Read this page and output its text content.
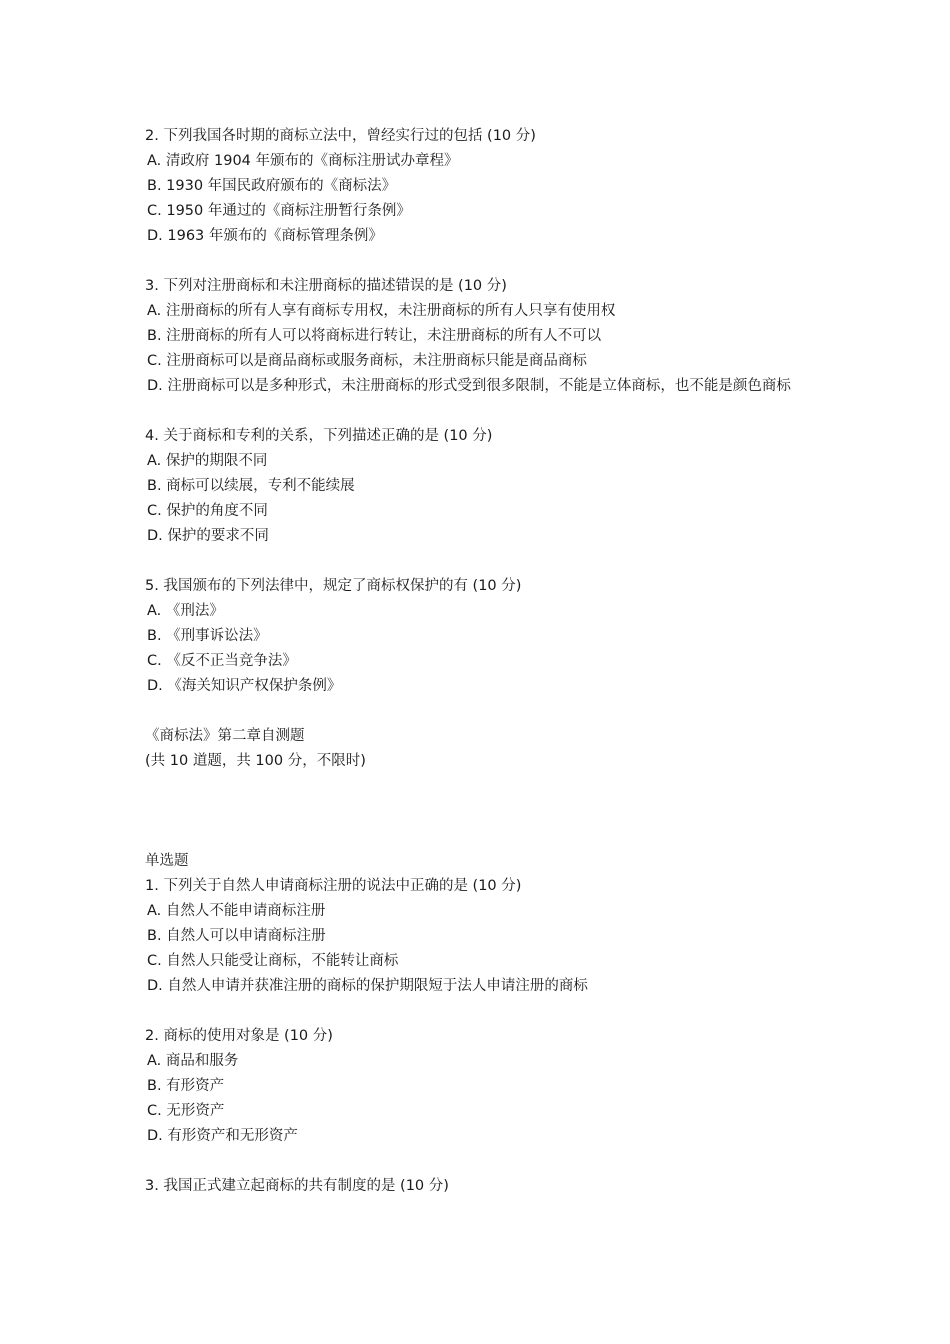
2. 下列我国各时期的商标立法中，曾经实行过的包括 (10 分)
A. 清政府 1904 年颁布的《商标注册试办章程》
B. 1930 年国民政府颁布的《商标法》
C. 1950 年通过的《商标注册暂行条例》
D. 1963 年颁布的《商标管理条例》
3. 下列对注册商标和未注册商标的描述错误的是 (10 分)
A. 注册商标的所有人享有商标专用权，未注册商标的所有人只享有使用权
B. 注册商标的所有人可以将商标进行转让，未注册商标的所有人不可以
C. 注册商标可以是商品商标或服务商标，未注册商标只能是商品商标
D. 注册商标可以是多种形式，未注册商标的形式受到很多限制，不能是立体商标，也不能是颜色商标
4. 关于商标和专利的关系，下列描述正确的是 (10 分)
A. 保护的期限不同
B. 商标可以续展，专利不能续展
C. 保护的角度不同
D. 保护的要求不同
5. 我国颁布的下列法律中，规定了商标权保护的有 (10 分)
A. 《刑法》
B. 《刑事诉讼法》
C. 《反不正当竞争法》
D. 《海关知识产权保护条例》
《商标法》第二章自测题
(共 10 道题，共 100 分，不限时)
单选题
1. 下列关于自然人申请商标注册的说法中正确的是 (10 分)
A. 自然人不能申请商标注册
B. 自然人可以申请商标注册
C. 自然人只能受让商标，不能转让商标
D. 自然人申请并获准注册的商标的保护期限短于法人申请注册的商标
2. 商标的使用对象是 (10 分)
A. 商品和服务
B. 有形资产
C. 无形资产
D. 有形资产和无形资产
3. 我国正式建立起商标的共有制度的是 (10 分)
